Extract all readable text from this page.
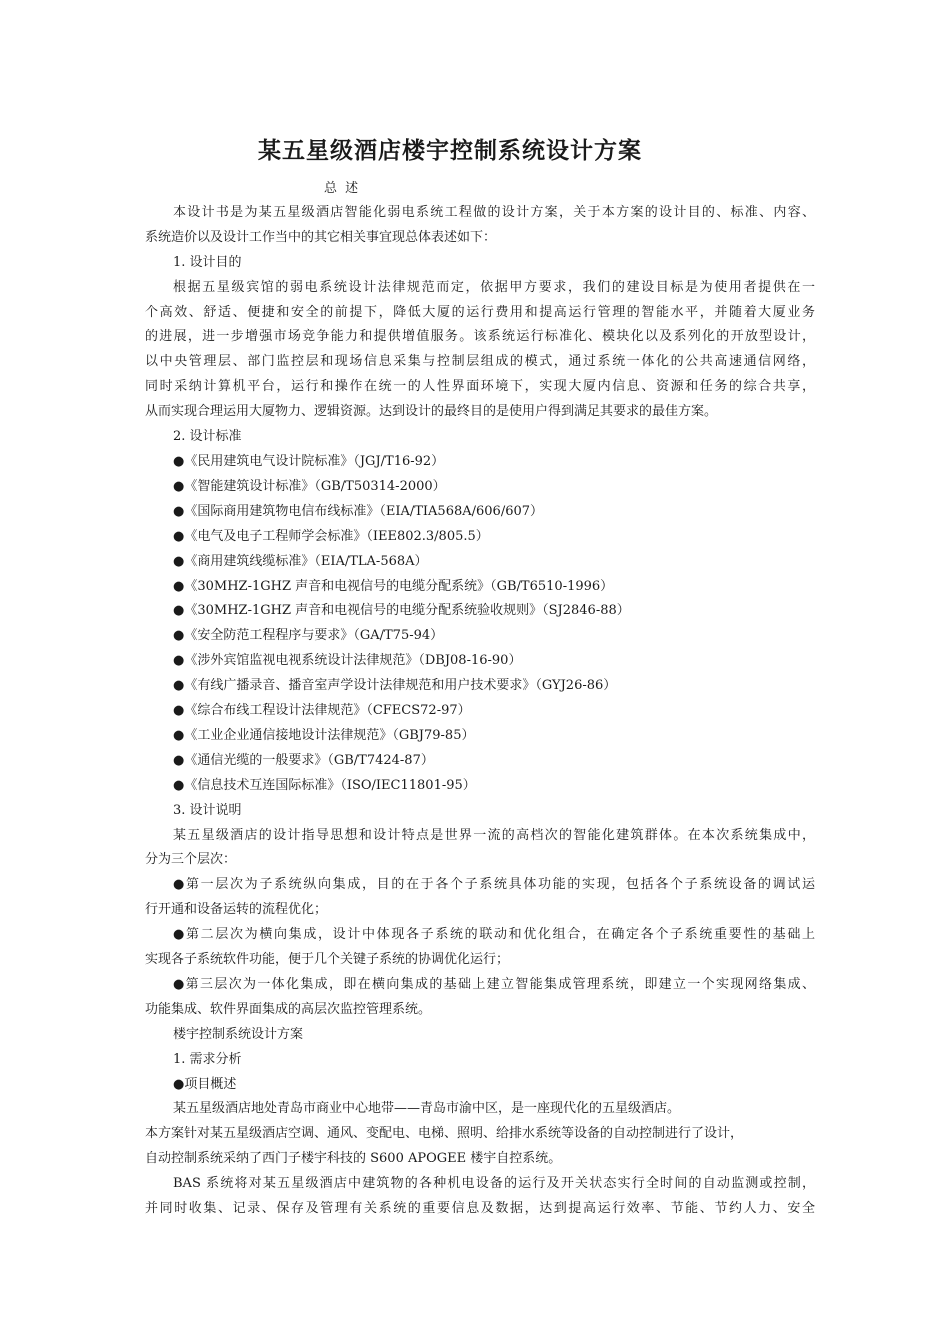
某五星级酒店楼宇控制系统设计方案
总 述
本设计书是为某五星级酒店智能化弱电系统工程做的设计方案，关于本方案的设计目的、标准、内容、
系统造价以及设计工作当中的其它相关事宜现总体表述如下：
1. 设计目的
根据五星级宾馆的弱电系统设计法律规范而定，依据甲方要求，我们的建设目标是为使用者提供在一
个高效、舒适、便捷和安全的前提下，降低大厦的运行费用和提高运行管理的智能水平，并随着大厦业务
的进展，进一步增强市场竞争能力和提供增值服务。该系统运行标准化、模块化以及系列化的开放型设计，
以中央管理层、部门监控层和现场信息采集与控制层组成的模式，通过系统一体化的公共高速通信网络，
同时采纳计算机平台，运行和操作在统一的人性界面环境下，实现大厦内信息、资源和任务的综合共享，
从而实现合理运用大厦物力、逻辑资源。达到设计的最终目的是使用户得到满足其要求的最佳方案。
2. 设计标准
●《民用建筑电气设计院标准》（JGJ/T16-92）
●《智能建筑设计标准》（GB/T50314-2000）
●《国际商用建筑物电信布线标准》（EIA/TIA568A/606/607）
●《电气及电子工程师学会标准》（IEE802.3/805.5）
●《商用建筑线缆标准》（EIA/TLA-568A）
●《30MHZ-1GHZ 声音和电视信号的电缆分配系统》（GB/T6510-1996）
●《30MHZ-1GHZ 声音和电视信号的电缆分配系统验收规则》（SJ2846-88）
●《安全防范工程程序与要求》（GA/T75-94）
●《涉外宾馆监视电视系统设计法律规范》（DBJ08-16-90）
●《有线广播录音、播音室声学设计法律规范和用户技术要求》（GYJ26-86）
●《综合布线工程设计法律规范》（CFECS72-97）
●《工业企业通信接地设计法律规范》（GBJ79-85）
●《通信光缆的一般要求》（GB/T7424-87）
●《信息技术互连国际标准》（ISO/IEC11801-95）
3. 设计说明
某五星级酒店的设计指导思想和设计特点是世界一流的高档次的智能化建筑群体。在本次系统集成中，
分为三个层次：
●第一层次为子系统纵向集成，目的在于各个子系统具体功能的实现，包括各个子系统设备的调试运
行开通和设备运转的流程优化；
●第二层次为横向集成，设计中体现各子系统的联动和优化组合，在确定各个子系统重要性的基础上
实现各子系统软件功能，便于几个关键子系统的协调优化运行；
●第三层次为一体化集成，即在横向集成的基础上建立智能集成管理系统，即建立一个实现网络集成、
功能集成、软件界面集成的高层次监控管理系统。
楼宇控制系统设计方案
1. 需求分析
●项目概述
某五星级酒店地处青岛市商业中心地带——青岛市渝中区，是一座现代化的五星级酒店。
本方案针对某五星级酒店空调、通风、变配电、电梯、照明、给排水系统等设备的自动控制进行了设计，
自动控制系统采纳了西门子楼宇科技的 S600 APOGEE 楼宇自控系统。
BAS 系统将对某五星级酒店中建筑物的各种机电设备的运行及开关状态实行全时间的自动监测或控制，
并同时收集、记录、保存及管理有关系统的重要信息及数据，达到提高运行效率、节能、节约人力、安全
